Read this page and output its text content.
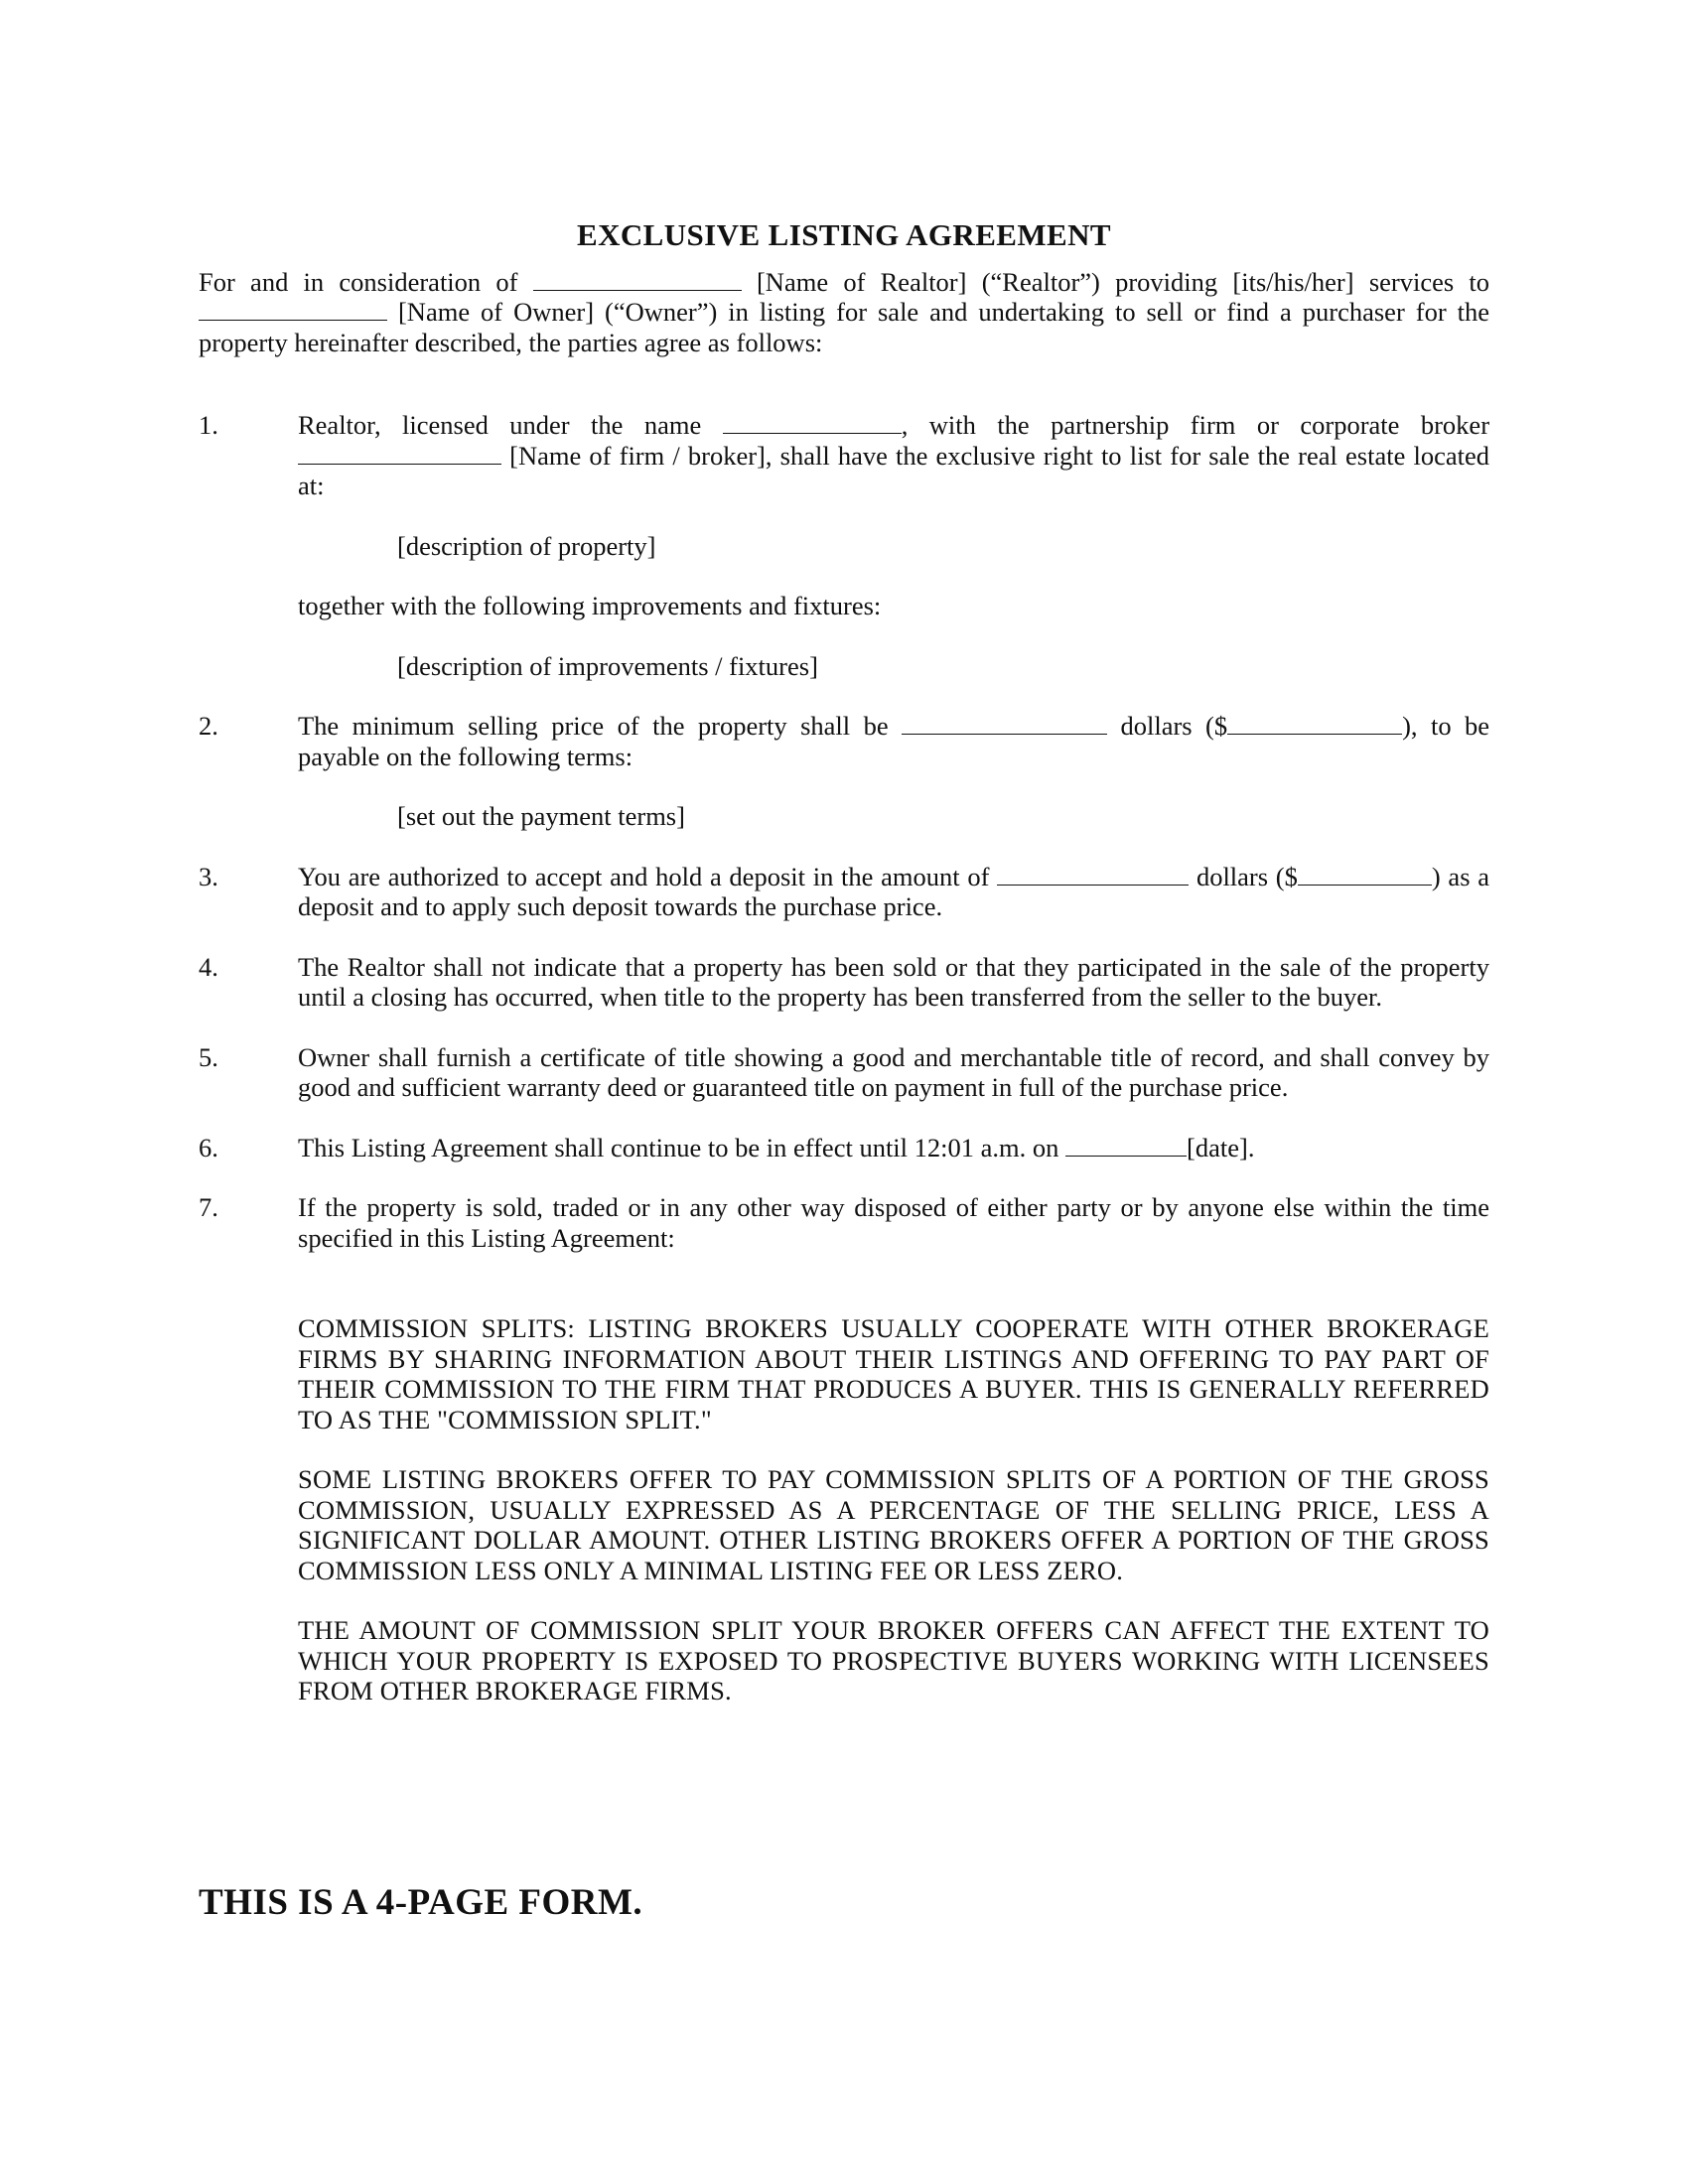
EXCLUSIVE LISTING AGREEMENT

For and in consideration of	[Name of Realtor] (“Realtor”) providing [its/his/her] services to  [Name of Owner] (“Owner”) in listing for sale and undertaking to sell or find a purchaser for the property hereinafter described, the parties agree as follows:

1.	Realtor, licensed under the name	, with the partnership firm or corporate broker  [Name of firm / broker], shall have the exclusive right to list for sale the real estate located at:

[description of property]
together with the following improvements and fixtures:
[description of improvements / fixtures]
2.	The minimum selling price of the property shall be	dollars ($	), to be payable on the following terms:

[set out the payment terms]
3.	You are authorized to accept and hold a deposit in the amount of	dollars ($	) as a deposit and to apply such deposit towards the purchase price.

4.	The Realtor shall not indicate that a property has been sold or that they participated in the sale of the property until a closing has occurred, when title to the property has been transferred from the seller to the buyer.

5.	Owner shall furnish a certificate of title showing a good and merchantable title of record, and shall convey by good and sufficient warranty deed or guaranteed title on payment in full of the purchase price.

6.	This Listing Agreement shall continue to be in effect until 12:01 a.m. on	[date].

7.	If the property is sold, traded or in any other way disposed of either party or by anyone else within the time specified in this Listing Agreement:

COMMISSION SPLITS: LISTING BROKERS USUALLY COOPERATE WITH OTHER BROKERAGE FIRMS BY SHARING INFORMATION ABOUT THEIR LISTINGS AND OFFERING TO PAY PART OF THEIR COMMISSION TO THE FIRM THAT PRODUCES A BUYER. THIS IS GENERALLY REFERRED TO AS THE "COMMISSION SPLIT."

SOME LISTING BROKERS OFFER TO PAY COMMISSION SPLITS OF A PORTION OF THE GROSS COMMISSION, USUALLY EXPRESSED AS A PERCENTAGE OF THE SELLING PRICE, LESS A SIGNIFICANT DOLLAR AMOUNT. OTHER LISTING BROKERS OFFER A PORTION OF THE GROSS COMMISSION LESS ONLY A MINIMAL LISTING FEE OR LESS ZERO.

THE AMOUNT OF COMMISSION SPLIT YOUR BROKER OFFERS CAN AFFECT THE EXTENT TO WHICH YOUR PROPERTY IS EXPOSED TO PROSPECTIVE BUYERS WORKING WITH LICENSEES FROM OTHER BROKERAGE FIRMS.

THIS IS A 4-PAGE FORM.
